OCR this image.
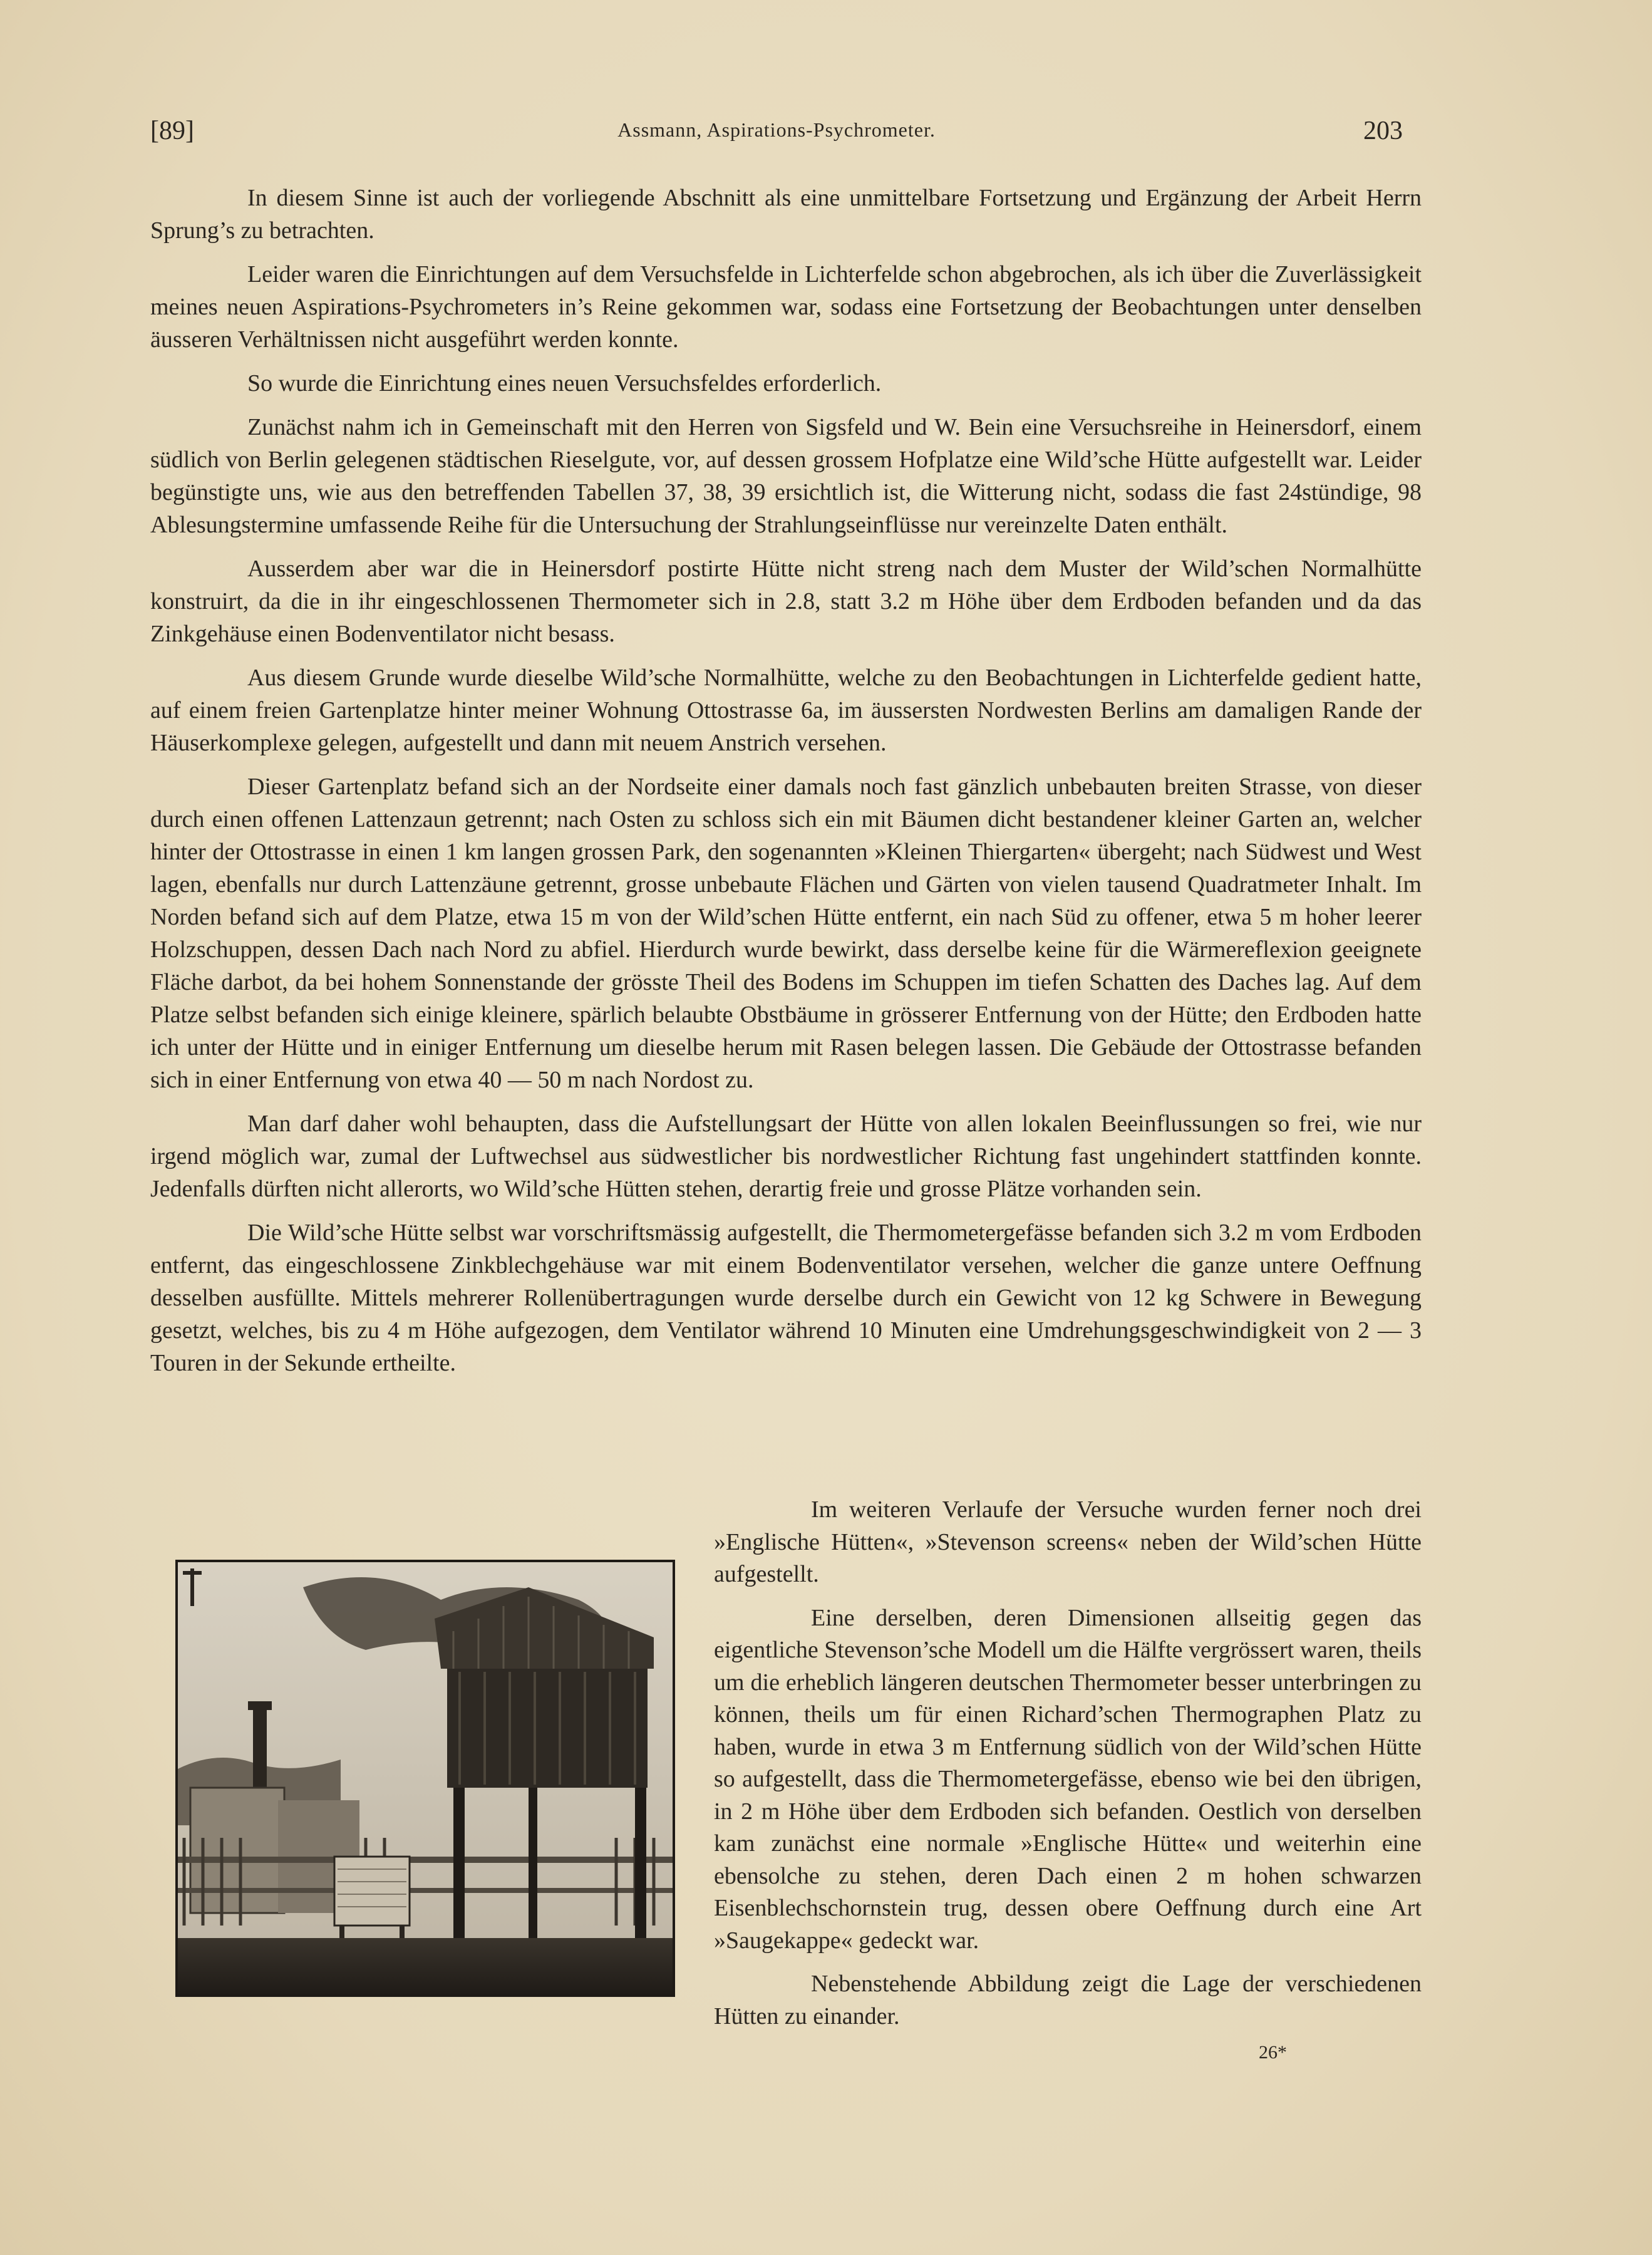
[89]	Assmann, Aspirations-Psychrometer.	203

In diesem Sinne ist auch der vorliegende Abschnitt als eine unmittelbare Fortsetzung und Ergänzung der Arbeit Herrn Sprung’s zu betrachten.

Leider waren die Einrichtungen auf dem Versuchsfelde in Lichterfelde schon abgebrochen, als ich über die Zuverlässigkeit meines neuen Aspirations-Psychrometers in’s Reine gekommen war, sodass eine Fortsetzung der Beobachtungen unter denselben äusseren Verhältnissen nicht ausgeführt werden konnte.

So wurde die Einrichtung eines neuen Versuchsfeldes erforderlich.

Zunächst nahm ich in Gemeinschaft mit den Herren von Sigsfeld und W. Bein eine Versuchsreihe in Heinersdorf, einem südlich von Berlin gelegenen städtischen Rieselgute, vor, auf dessen grossem Hofplatze eine Wild’sche Hütte aufgestellt war. Leider begünstigte uns, wie aus den betreffenden Tabellen 37, 38, 39 ersichtlich ist, die Witterung nicht, sodass die fast 24stündige, 98 Ablesungstermine umfassende Reihe für die Untersuchung der Strahlungseinflüsse nur vereinzelte Daten enthält.

Ausserdem aber war die in Heinersdorf postirte Hütte nicht streng nach dem Muster der Wild’schen Normalhütte konstruirt, da die in ihr eingeschlossenen Thermometer sich in 2.8, statt 3.2 m Höhe über dem Erdboden befanden und da das Zinkgehäuse einen Bodenventilator nicht besass.

Aus diesem Grunde wurde dieselbe Wild’sche Normalhütte, welche zu den Beobachtungen in Lichterfelde gedient hatte, auf einem freien Gartenplatze hinter meiner Wohnung Ottostrasse 6a, im äussersten Nordwesten Berlins am damaligen Rande der Häuserkomplexe gelegen, aufgestellt und dann mit neuem Anstrich versehen.

Dieser Gartenplatz befand sich an der Nordseite einer damals noch fast gänzlich unbebauten breiten Strasse, von dieser durch einen offenen Lattenzaun getrennt; nach Osten zu schloss sich ein mit Bäumen dicht bestandener kleiner Garten an, welcher hinter der Ottostrasse in einen 1 km langen grossen Park, den sogenannten »Kleinen Thiergarten« übergeht; nach Südwest und West lagen, ebenfalls nur durch Lattenzäune getrennt, grosse unbebaute Flächen und Gärten von vielen tausend Quadratmeter Inhalt. Im Norden befand sich auf dem Platze, etwa 15 m von der Wild’schen Hütte entfernt, ein nach Süd zu offener, etwa 5 m hoher leerer Holzschuppen, dessen Dach nach Nord zu abfiel. Hierdurch wurde bewirkt, dass derselbe keine für die Wärmereflexion geeignete Fläche darbot, da bei hohem Sonnenstande der grösste Theil des Bodens im Schuppen im tiefen Schatten des Daches lag. Auf dem Platze selbst befanden sich einige kleinere, spärlich belaubte Obstbäume in grösserer Entfernung von der Hütte; den Erdboden hatte ich unter der Hütte und in einiger Entfernung um dieselbe herum mit Rasen belegen lassen. Die Gebäude der Ottostrasse befanden sich in einer Entfernung von etwa 40 — 50 m nach Nordost zu.

Man darf daher wohl behaupten, dass die Aufstellungsart der Hütte von allen lokalen Beeinflussungen so frei, wie nur irgend möglich war, zumal der Luftwechsel aus südwestlicher bis nordwestlicher Richtung fast ungehindert stattfinden konnte. Jedenfalls dürften nicht allerorts, wo Wild’sche Hütten stehen, derartig freie und grosse Plätze vorhanden sein.

Die Wild’sche Hütte selbst war vorschriftsmässig aufgestellt, die Thermometergefässe befanden sich 3.2 m vom Erdboden entfernt, das eingeschlossene Zinkblechgehäuse war mit einem Bodenventilator versehen, welcher die ganze untere Oeffnung desselben ausfüllte. Mittels mehrerer Rollenübertragungen wurde derselbe durch ein Gewicht von 12 kg Schwere in Bewegung gesetzt, welches, bis zu 4 m Höhe aufgezogen, dem Ventilator während 10 Minuten eine Umdrehungsgeschwindigkeit von 2 — 3 Touren in der Sekunde ertheilte.

Im weiteren Verlaufe der Versuche wurden ferner noch drei »Englische Hütten«, »Stevenson screens« neben der Wild’schen Hütte aufgestellt.

Eine derselben, deren Dimensionen allseitig gegen das eigentliche Stevenson’sche Modell um die Hälfte vergrössert waren, theils um die erheblich längeren deutschen Thermometer besser unterbringen zu können, theils um für einen Richard’schen Thermographen Platz zu haben, wurde in etwa 3 m Entfernung südlich von der Wild’schen Hütte so aufgestellt, dass die Thermometergefässe, ebenso wie bei den übrigen, in 2 m Höhe über dem Erdboden sich befanden. Oestlich von derselben kam zunächst eine normale »Englische Hütte« und weiterhin eine ebensolche zu stehen, deren Dach einen 2 m hohen schwarzen Eisenblechschornstein trug, dessen obere Oeffnung durch eine Art »Saugekappe« gedeckt war.

Nebenstehende Abbildung zeigt die Lage der verschiedenen Hütten zu einander.

26*
